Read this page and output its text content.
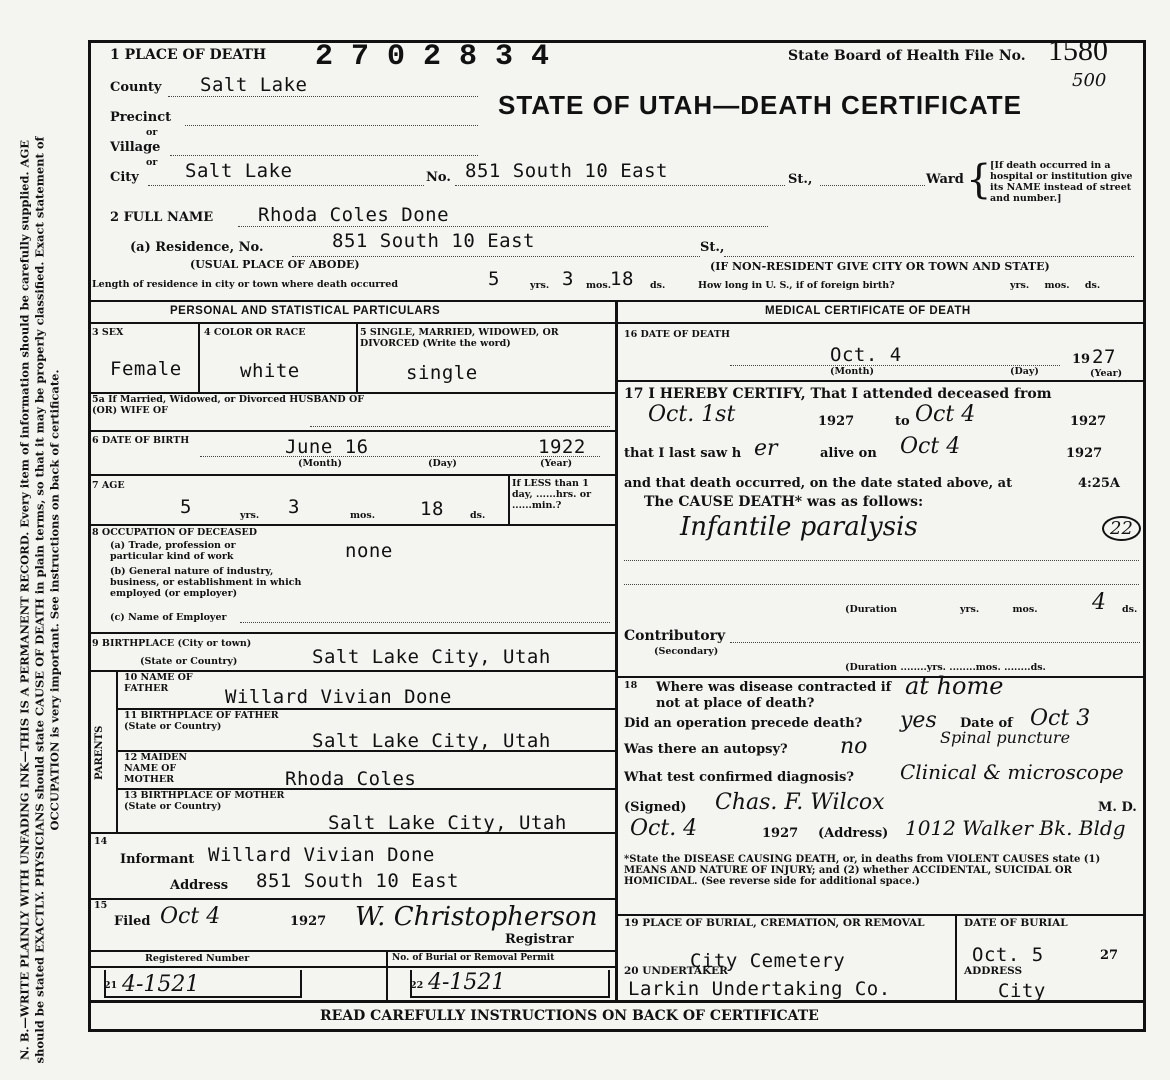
N. B.—WRITE PLAINLY WITH UNFADING INK—THIS IS A PERMANENT RECORD. Every item of information should be carefully supplied. AGE should be stated EXACTLY. PHYSICIANS should state CAUSE OF DEATH in plain terms, so that it may be properly classified. Exact statement of OCCUPATION is very important. See instructions on back of certificate.
1 PLACE OF DEATH 2702834	State Board of Health File No. 1580
500
STATE OF UTAH—DEATH CERTIFICATE
County Salt Lake
Precinct
or
Village
or
City Salt Lake	No. 851 South 10 East	St.,	Ward {
[If death occurred in a hospital or institution give its NAME instead of street and number.]
2 FULL NAME Rhoda Coles Done
(a) Residence, No.	851 South 10 East	St.,
(USUAL PLACE OF ABODE)	(IF NON-RESIDENT GIVE CITY OR TOWN AND STATE)
Length of residence in city or town where death occurred	5	yrs. 3 mos.
18 ds.	How long in U. S., if of foreign birth?	yrs. mos. ds.
PERSONAL AND STATISTICAL PARTICULARS
3 SEX	4 COLOR OR RACE	5 SINGLE, MARRIED, WIDOWED, OR DIVORCED (Write the word)
Female	white	single
5a If Married, Widowed, or Divorced HUSBAND OF (OR) WIFE OF
6 DATE OF BIRTH	June 16	1922
(Month)	(Day)	(Year)
7 AGE
5	yrs. 3	mos. 18	ds.
If LESS than 1 day, ......hrs. or ......min.?
8 OCCUPATION OF DECEASED
(a) Trade, profession or particular kind of work	none
(b) General nature of industry, business, or establishment in which employed (or employer)
(c) Name of Employer
9 BIRTHPLACE (City or town)
(State or Country)	Salt Lake City, Utah
PARENTS
10 NAME OF FATHER	Willard Vivian Done
11 BIRTHPLACE OF FATHER (State or Country)
Salt Lake City, Utah
12 MAIDEN NAME OF MOTHER	Rhoda Coles
13 BIRTHPLACE OF MOTHER (State or Country)
Salt Lake City, Utah
14
Informant Willard Vivian Done
Address 851 South 10 East
15
Filed Oct 4	1927 W. Christopherson
Registrar
Registered Number	No. of Burial or Removal Permit
21 4-1521	22 4-1521
MEDICAL CERTIFICATE OF DEATH
16 DATE OF DEATH
Oct. 4	19 27
(Month)	(Day)	(Year)
17 I HEREBY CERTIFY, That I attended deceased from
Oct. 1st	1927	to Oct 4	1927
that I last saw h er	alive on Oct 4	1927
and that death occurred, on the date stated above, at	4:25A
The CAUSE DEATH* was as follows:
Infantile paralysis	22
(Duration	yrs. mos. 4 ds.
Contributory
(Secondary)
(Duration ........yrs. ........mos. ........ds.
18 Where was disease contracted if not at place of death?
at home
Did an operation precede death? yes Date of Oct 3
Spinal puncture
Was there an autopsy? no
What test confirmed diagnosis? Clinical & microscope
(Signed) Chas. F. Wilcox	M. D.
Oct. 4	1927 (Address) 1012 Walker Bk. Bldg
*State the DISEASE CAUSING DEATH, or, in deaths from VIOLENT CAUSES state (1) MEANS AND NATURE OF INJURY; and (2) whether ACCIDENTAL, SUICIDAL OR HOMICIDAL. (See reverse side for additional space.)
19 PLACE OF BURIAL, CREMATION, OR REMOVAL	DATE OF BURIAL
City Cemetery	Oct. 5	27
20 UNDERTAKER	ADDRESS
Larkin Undertaking Co.	City
READ CAREFULLY INSTRUCTIONS ON BACK OF CERTIFICATE
